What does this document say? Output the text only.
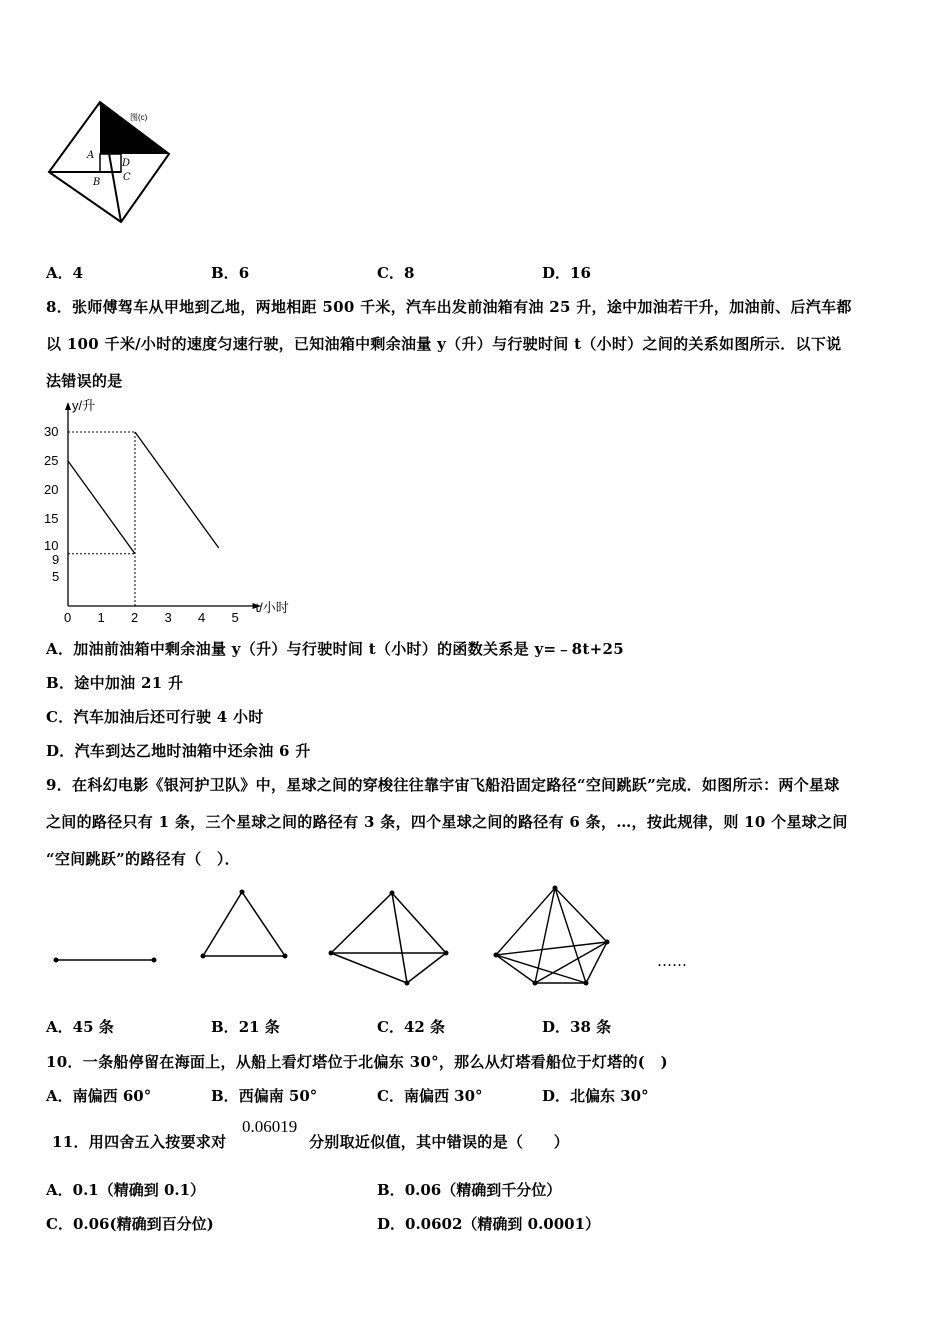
图(c)
A
B C
D
A．4	B．6	C．8	D．16
8．张师傅驾车从甲地到乙地，两地相距 500 千米，汽车出发前油箱有油 25 升，途中加油若干升，加油前、后汽车都
以 100 千米/小时的速度匀速行驶，已知油箱中剩余油量 y（升）与行驶时间 t（小时）之间的关系如图所示．以下说
法错误的是
0 1 2 3 4 5
5
9
10
15
20
25
30
t/小时
y/升
A．加油前油箱中剩余油量 y（升）与行驶时间 t（小时）的函数关系是 y=﹣8t+25
B．途中加油 21 升
C．汽车加油后还可行驶 4 小时
D．汽车到达乙地时油箱中还余油 6 升
9．在科幻电影《银河护卫队》中，星球之间的穿梭往往靠宇宙飞船沿固定路径“空间跳跃”完成．如图所示：两个星球
之间的路径只有 1 条，三个星球之间的路径有 3 条，四个星球之间的路径有 6 条，…，按此规律，则 10 个星球之间
“空间跳跃”的路径有（　）．
……
A．45 条	B．21 条	C．42 条	D．38 条
10．一条船停留在海面上，从船上看灯塔位于北偏东 30°，那么从灯塔看船位于灯塔的(　)
A．南偏西 60°	B．西偏南 50°	C．南偏西 30°	D．北偏东 30°
11．用四舍五入按要求对
0.06019
分别取近似值，其中错误的是（　　）
A．0.1（精确到 0.1）	B．0.06（精确到千分位）
C．0.06(精确到百分位)	D．0.0602（精确到 0.0001）
